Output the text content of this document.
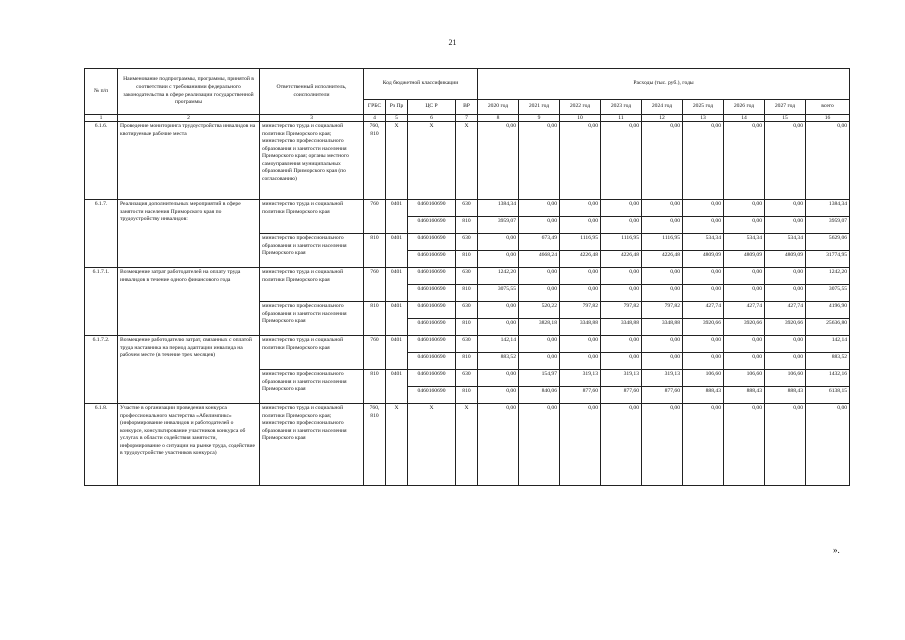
21
№ п/п	Наименование подпрограммы, программы, принятой в соответствии с требованиями федерального законодательства в сфере реализации государственной программы	Ответственный исполнитель, соисполнители	Код бюджетной классификации				Расходы (тыс. руб.), годы								
			ГРБС	Рз Пр	ЦС Р	ВР	2020 год	2021 год	2022 год	2023 год	2024 год	2025 год	2026 год	2027 год	всего
1	2	3	4	5	6	7	8	9	10	11	12	13	14	15	16
6.1.6.	Проведение мониторинга трудоустройства инвалидов на квотируемые рабочие места	министерство труда и социальной политики Приморского края; министерство профессионального образования и занятости населения Приморского края; органы местного самоуправления муниципальных образований Приморского края (по согласованию)	760, 810	X	X	X	0,00	0,00	0,00	0,00	0,00	0,00	0,00	0,00	0,00
6.1.7.	Реализация дополнительных мероприятий в сфере занятости населения Приморского края по трудоустройству инвалидов:	министерство труда и социальной политики Приморского края	760	0401	0460160690	630	1384,34	0,00	0,00	0,00	0,00	0,00	0,00	0,00	1384,34
					0460160690	810	3959,07	0,00	0,00	0,00	0,00	0,00	0,00	0,00	3959,07
		министерство профессионального образования и занятости населения Приморского края	810	0401	0460160690	630	0,00	673,49	1116,95	1116,95	1116,95	534,34	534,34	534,34	5629,06
					0460160690	810	0,00	4668,24	4226,48	4226,48	4226,48	4809,09	4809,09	4809,09	31774,95
6.1.7.1.	Возмещение затрат работодателей на оплату труда инвалидов в течение одного финансового года	министерство труда и социальной политики Приморского края	760	0401	0460160690	630	1242,20	0,00	0,00	0,00	0,00	0,00	0,00	0,00	1242,20
					0460160690	810	3075,55	0,00	0,00	0,00	0,00	0,00	0,00	0,00	3075,55
		министерство профессионального образования и занятости населения Приморского края	810	0401	0460160690	630	0,00	520,22	797,82	797,82	797,82	427,74	427,74	427,74	4196,90
					0460160690	810	0,00	3828,18	3348,88	3348,88	3348,88	3920,66	3920,66	3920,66	25636,80
6.1.7.2.	Возмещение работодателю затрат, связанных с оплатой труда наставника на период адаптации инвалида на рабочем месте (в течение трех месяцев)	министерство труда и социальной политики Приморского края	760	0401	0460160690	630	142,14	0,00	0,00	0,00	0,00	0,00	0,00	0,00	142,14
					0460160690	810	883,52	0,00	0,00	0,00	0,00	0,00	0,00	0,00	883,52
		министерство профессионального образования и занятости населения Приморского края	810	0401	0460160690	630	0,00	154,97	319,13	319,13	319,13	106,60	106,60	106,60	1432,16
					0460160690	810	0,00	840,06	877,60	877,60	877,60	888,43	888,43	888,43	6138,15
6.1.8.	Участие в организации проведения конкурса профессионального мастерства «Абилимпикс» (информирование инвалидов и работодателей о конкурсе, консультирование участников конкурса об услугах в области содействия занятости, информирование о ситуации на рынке труда, содействие в трудоустройстве участников конкурса)	министерство труда и социальной политики Приморского края; министерство профессионального образования и занятости населения Приморского края	760, 810	X	X	X	0,00	0,00	0,00	0,00	0,00	0,00	0,00	0,00	0,00
».
